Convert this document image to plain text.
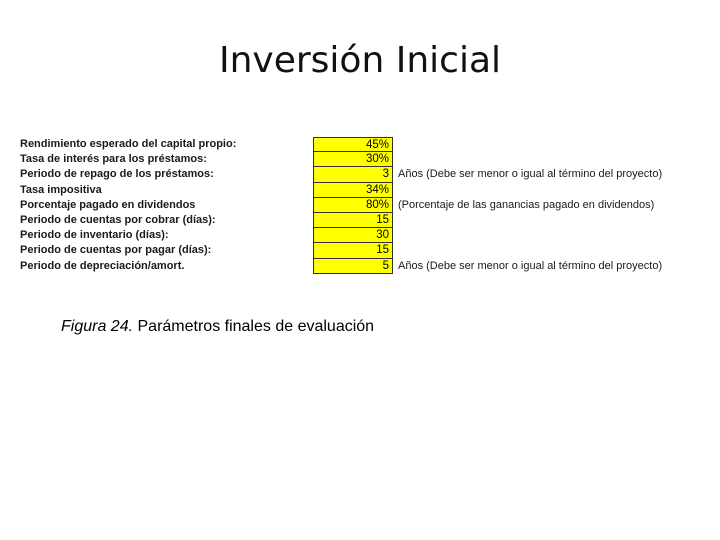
Inversión Inicial
Rendimiento esperado del capital propio:	45%
Tasa de interés para los préstamos:	30%
Periodo de repago de los préstamos:	3 Años (Debe ser menor o igual al término del proyecto)
Tasa impositiva	34%
Porcentaje pagado en dividendos	80% (Porcentaje de las ganancias pagado en dividendos)
Periodo de cuentas por cobrar (días):	15
Periodo de inventario (días):	30
Periodo de cuentas por pagar (días):	15
Periodo de depreciación/amort.	5 Años (Debe ser menor o igual al término del proyecto)
Figura 24. Parámetros finales de evaluación
